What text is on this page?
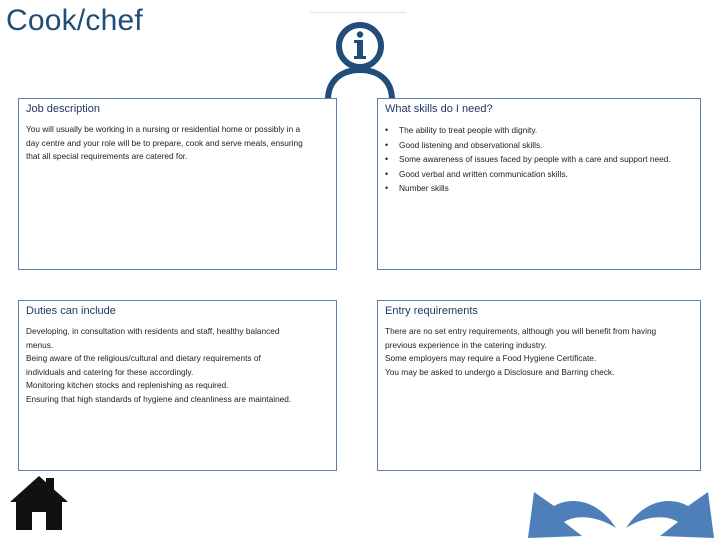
Cook/chef
Job description

You will usually be working in a nursing or residential home or possibly in a

day centre and your role will be to prepare, cook and serve meals, ensuring

that all special requirements are catered for.

What skills do I need?
• The ability to treat people with dignity.
• Good listening and observational skills.
• Some awareness of issues faced by people with a care and support need.
• Good verbal and written communication skills.
• Number skills
Duties can include

Developing, in consultation with residents and staff, healthy balanced

menus.

Being aware of the religious/cultural and dietary requirements of

individuals and catering for these accordingly.

Monitoring kitchen stocks and replenishing as required.

Ensuring that high standards of hygiene and cleanliness are maintained.

Entry requirements

There are no set entry requirements, although you will benefit from having

previous experience in the catering industry.

Some employers may require a Food Hygiene Certificate.

You may be asked to undergo a Disclosure and Barring check.
